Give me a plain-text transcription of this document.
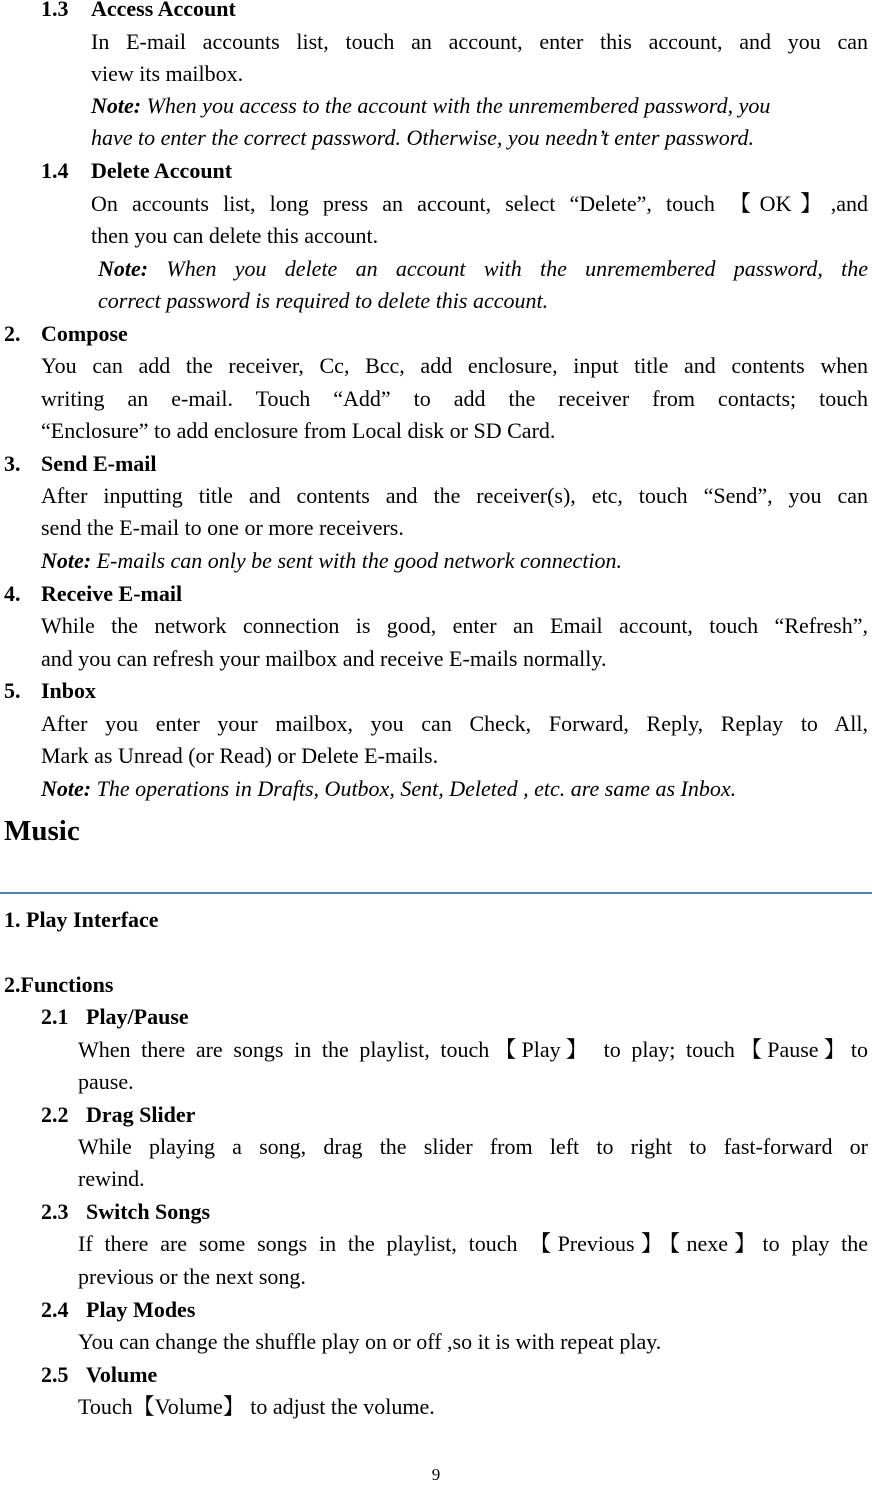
1.3 Access Account
In E-mail accounts list, touch an account, enter this account, and you can
view its mailbox.
Note: When you access to the account with the unremembered password, you
have to enter the correct password. Otherwise, you needn’t enter password.
1.4 Delete Account
On accounts list, long press an account, select “Delete”, touch 【OK】,and
then you can delete this account.
Note: When you delete an account with the unremembered password, the
correct password is required to delete this account.
2. Compose
You can add the receiver, Cc, Bcc, add enclosure, input title and contents when
writing an e-mail. Touch “Add” to add the receiver from contacts; touch
“Enclosure” to add enclosure from Local disk or SD Card.
3. Send E-mail
After inputting title and contents and the receiver(s), etc, touch “Send”, you can
send the E-mail to one or more receivers.
Note: E-mails can only be sent with the good network connection.
4. Receive E-mail
While the network connection is good, enter an Email account, touch “Refresh”,
and you can refresh your mailbox and receive E-mails normally.
5. Inbox
After you enter your mailbox, you can Check, Forward, Reply, Replay to All,
Mark as Unread (or Read) or Delete E-mails.
Note: The operations in Drafts, Outbox, Sent, Deleted , etc. are same as Inbox.
Music
1. Play Interface
2.Functions
2.1 Play/Pause
When there are songs in the playlist, touch【Play】 to play; touch【Pause】to
pause.
2.2 Drag Slider
While playing a song, drag the slider from left to right to fast-forward or
rewind.
2.3 Switch Songs
If there are some songs in the playlist, touch 【Previous】【nexe】to play the
previous or the next song.
2.4 Play Modes
You can change the shuffle play on or off ,so it is with repeat play.
2.5 Volume
Touch【Volume】 to adjust the volume.
9
